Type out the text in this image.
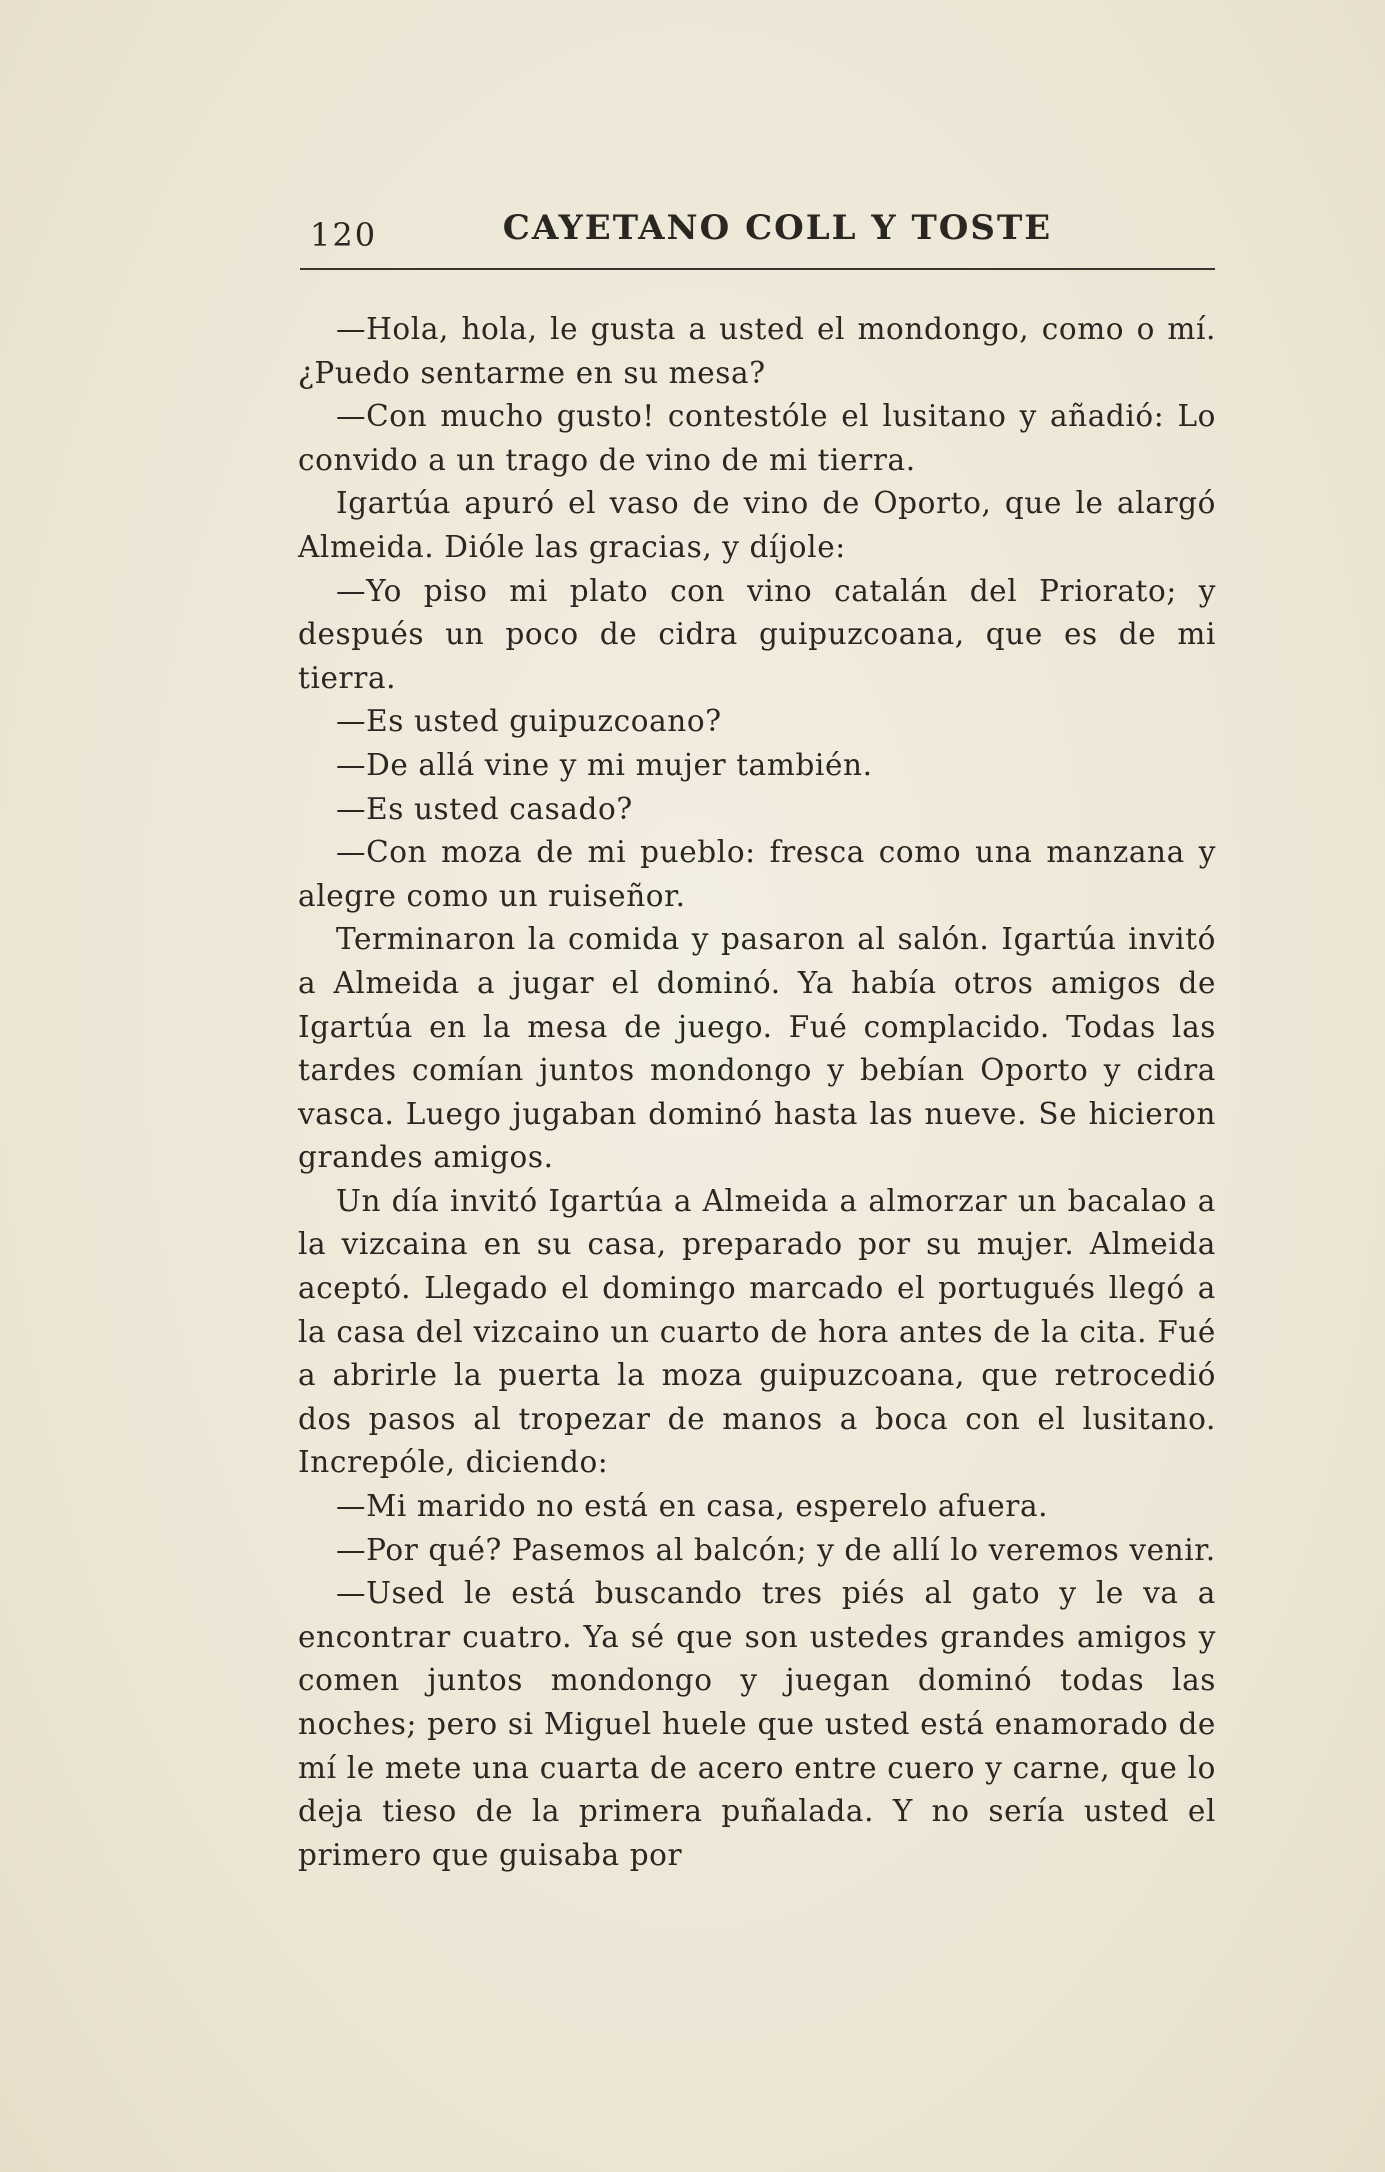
120	CAYETANO COLL Y TOSTE

—Hola, hola, le gusta a usted el mondongo, como o mí. ¿Puedo sentarme en su mesa?

—Con mucho gusto! contestóle el lusitano y añadió: Lo convido a un trago de vino de mi tierra.

Igartúa apuró el vaso de vino de Oporto, que le alargó Almeida. Dióle las gracias, y díjole:

—Yo piso mi plato con vino catalán del Priorato; y después un poco de cidra guipuzcoana, que es de mi tierra.

—Es usted guipuzcoano?

—De allá vine y mi mujer también.

—Es usted casado?

—Con moza de mi pueblo: fresca como una manzana y alegre como un ruiseñor.

Terminaron la comida y pasaron al salón. Igartúa invitó a Almeida a jugar el dominó. Ya había otros amigos de Igartúa en la mesa de juego. Fué complacido. Todas las tardes comían juntos mondongo y bebían Oporto y cidra vasca. Luego jugaban dominó hasta las nueve. Se hicieron grandes amigos.

Un día invitó Igartúa a Almeida a almorzar un bacalao a la vizcaina en su casa, preparado por su mujer. Almeida aceptó. Llegado el domingo marcado el portugués llegó a la casa del vizcaino un cuarto de hora antes de la cita. Fué a abrirle la puerta la moza guipuzcoana, que retrocedió dos pasos al tropezar de manos a boca con el lusitano. Increpóle, diciendo:

—Mi marido no está en casa, esperelo afuera.

—Por qué? Pasemos al balcón; y de allí lo veremos venir.

—Used le está buscando tres piés al gato y le va a encontrar cuatro. Ya sé que son ustedes grandes amigos y comen juntos mondongo y juegan dominó todas las noches; pero si Miguel huele que usted está enamorado de mí le mete una cuarta de acero entre cuero y carne, que lo deja tieso de la primera puñalada. Y no sería usted el primero que guisaba por
